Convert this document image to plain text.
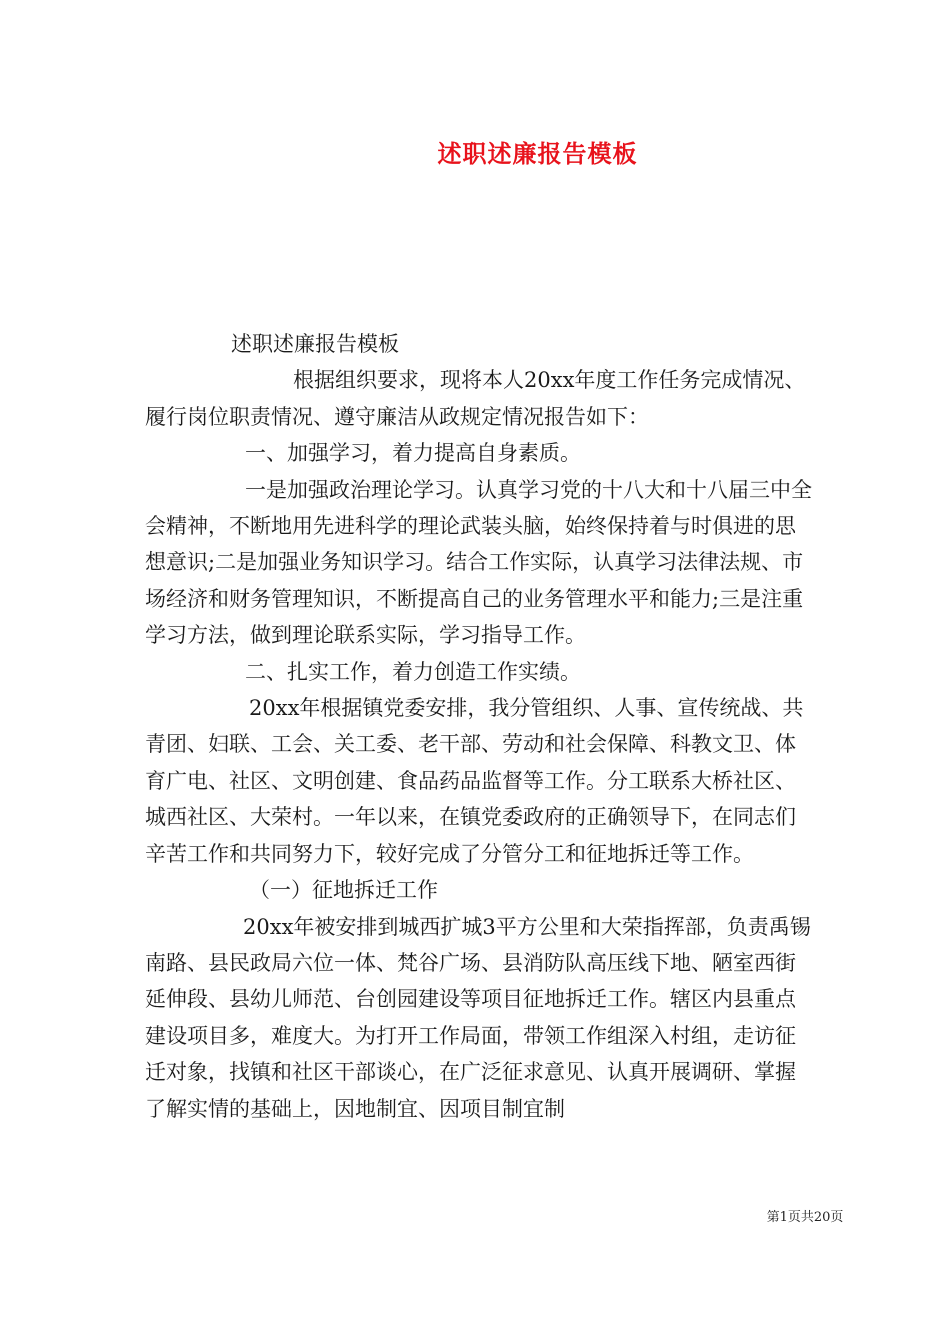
述职述廉报告模板

述职述廉报告模板

根据组织要求，现将本人20xx年度工作任务完成情况、履行岗位职责情况、遵守廉洁从政规定情况报告如下：

一、加强学习，着力提高自身素质。

一是加强政治理论学习。认真学习党的十八大和十八届三中全会精神，不断地用先进科学的理论武装头脑，始终保持着与时俱进的思想意识;二是加强业务知识学习。结合工作实际，认真学习法律法规、市场经济和财务管理知识，不断提高自己的业务管理水平和能力;三是注重学习方法，做到理论联系实际，学习指导工作。

二、扎实工作，着力创造工作实绩。

20xx年根据镇党委安排，我分管组织、人事、宣传统战、共青团、妇联、工会、关工委、老干部、劳动和社会保障、科教文卫、体育广电、社区、文明创建、食品药品监督等工作。分工联系大桥社区、城西社区、大荣村。一年以来，在镇党委政府的正确领导下，在同志们辛苦工作和共同努力下，较好完成了分管分工和征地拆迁等工作。

（一）征地拆迁工作

20xx年被安排到城西扩城3平方公里和大荣指挥部，负责禹锡南路、县民政局六位一体、梵谷广场、县消防队高压线下地、陋室西街延伸段、县幼儿师范、台创园建设等项目征地拆迁工作。辖区内县重点建设项目多，难度大。为打开工作局面，带领工作组深入村组，走访征迁对象，找镇和社区干部谈心，在广泛征求意见、认真开展调研、掌握了解实情的基础上，因地制宜、因项目制宜制

第1页共20页
